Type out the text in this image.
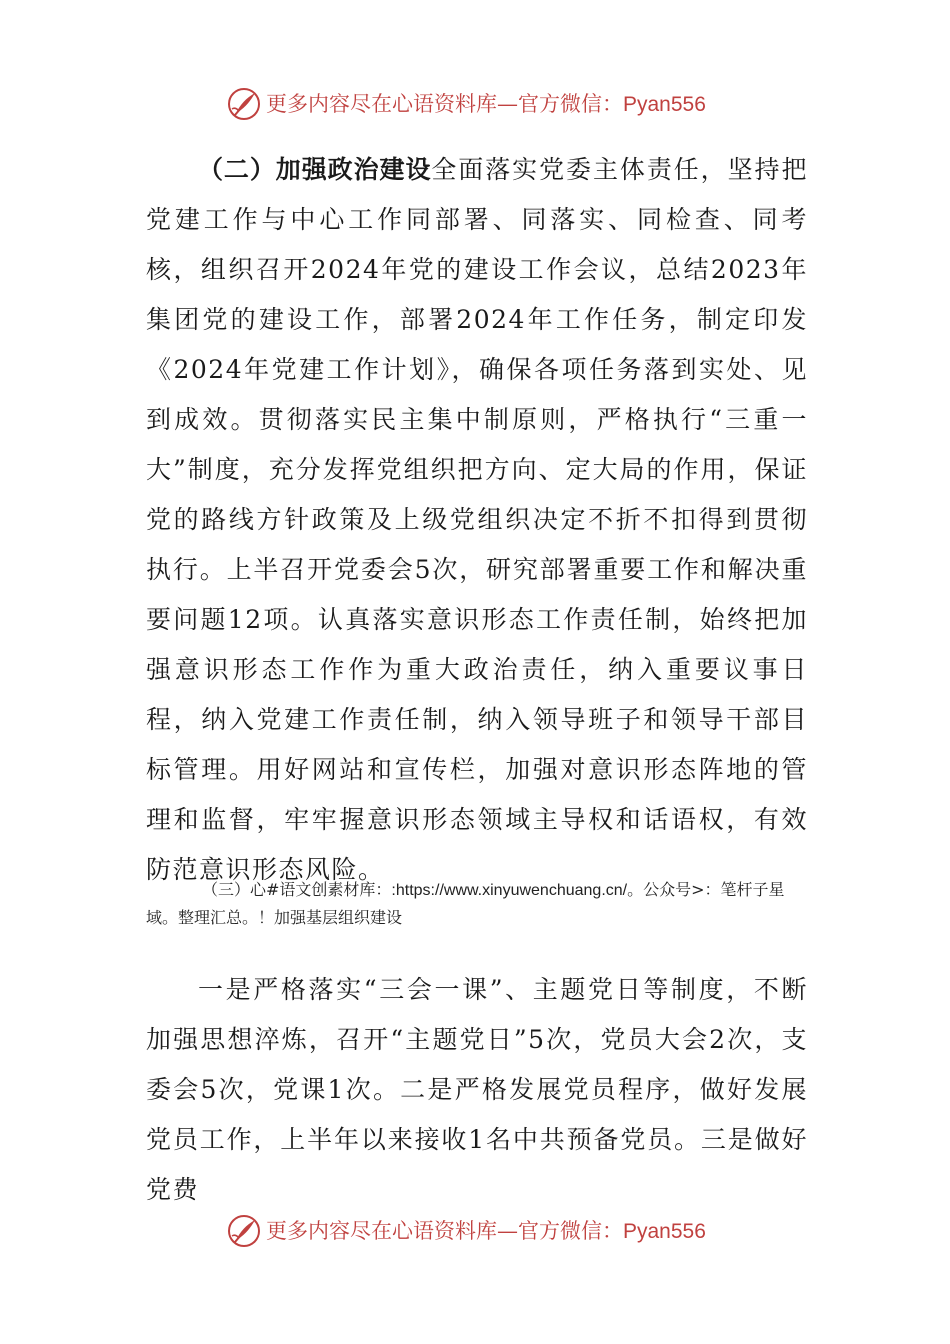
更多内容尽在心语资料库—官方微信：Pyan556

（二）加强政治建设全面落实党委主体责任，坚持把党建工作与中心工作同部署、同落实、同检查、同考核，组织召开2024年党的建设工作会议，总结2023年集团党的建设工作，部署2024年工作任务，制定印发《2024年党建工作计划》，确保各项任务落到实处、见到成效。贯彻落实民主集中制原则，严格执行“三重一大”制度，充分发挥党组织把方向、定大局的作用，保证党的路线方针政策及上级党组织决定不折不扣得到贯彻执行。上半召开党委会5次，研究部署重要工作和解决重要问题12项。认真落实意识形态工作责任制，始终把加强意识形态工作作为重大政治责任，纳入重要议事日程，纳入党建工作责任制，纳入领导班子和领导干部目标管理。用好网站和宣传栏，加强对意识形态阵地的管理和监督，牢牢握意识形态领域主导权和话语权，有效防范意识形态风险。

（三）心#语文创素材库：:https://www.xinyuwenchuang.cn/。公众号>：笔杆子星域。整理汇总。！加强基层组织建设

一是严格落实“三会一课”、主题党日等制度，不断加强思想淬炼，召开“主题党日”5次，党员大会2次，支委会5次，党课1次。二是严格发展党员程序，做好发展党员工作，上半年以来接收1名中共预备党员。三是做好党费

更多内容尽在心语资料库—官方微信：Pyan556
